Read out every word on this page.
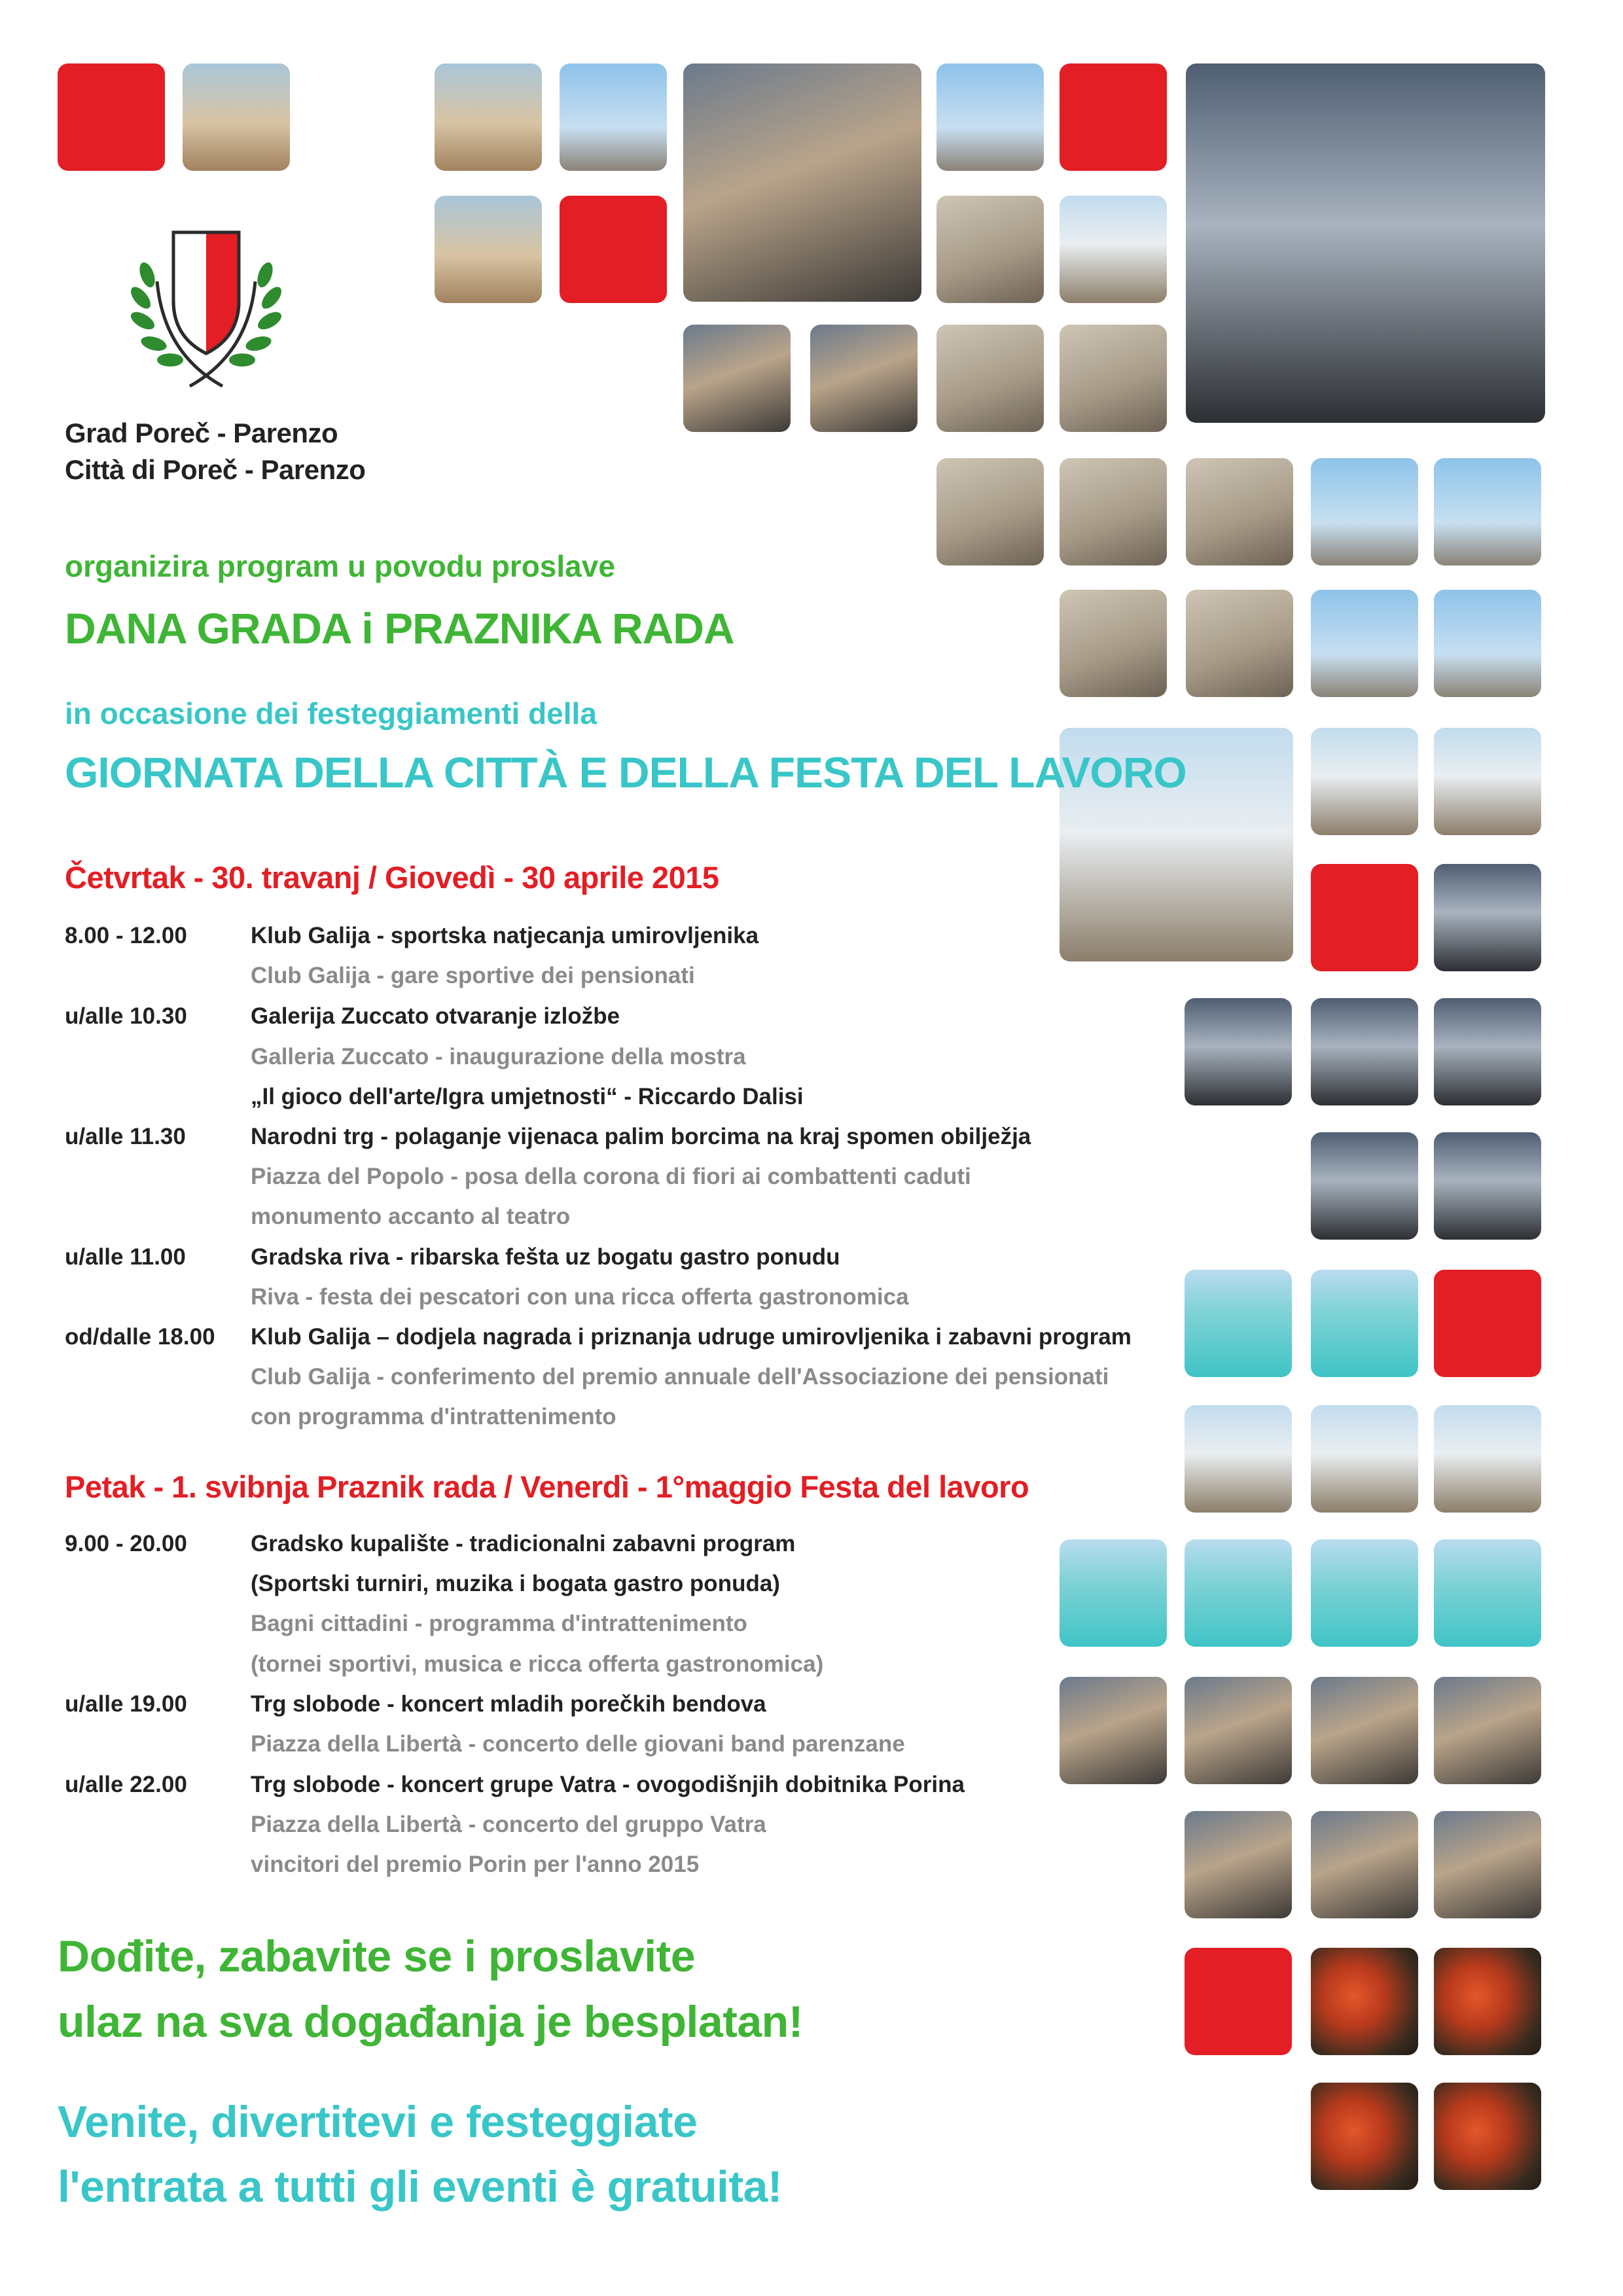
Grad Poreč - Parenzo
Città di Poreč - Parenzo
organizira program u povodu proslave
DANA GRADA i PRAZNIKA RADA
in occasione dei festeggiamenti della
GIORNATA DELLA CITTÀ E DELLA FESTA DEL LAVORO
Četvrtak - 30. travanj / Giovedì - 30 aprile 2015
8.00 - 12.00	Klub Galija - sportska natjecanja umirovljenika
Club Galija - gare sportive dei pensionati
u/alle 10.30	Galerija Zuccato otvaranje izložbe
Galleria Zuccato - inaugurazione della mostra
„Il gioco dell'arte/Igra umjetnosti“ - Riccardo Dalisi
u/alle 11.30	Narodni trg - polaganje vijenaca palim borcima na kraj spomen obilježja
Piazza del Popolo - posa della corona di fiori ai combattenti caduti
monumento accanto al teatro
u/alle 11.00	Gradska riva - ribarska fešta uz bogatu gastro ponudu
Riva - festa dei pescatori con una ricca offerta gastronomica
od/dalle 18.00 Klub Galija – dodjela nagrada i priznanja udruge umirovljenika i zabavni program
Club Galija - conferimento del premio annuale dell'Associazione dei pensionati
con programma d'intrattenimento
Petak - 1. svibnja Praznik rada / Venerdì - 1°maggio Festa del lavoro
9.00 - 20.00	Gradsko kupalište - tradicionalni zabavni program
(Sportski turniri, muzika i bogata gastro ponuda)
Bagni cittadini - programma d'intrattenimento
(tornei sportivi, musica e ricca offerta gastronomica)
u/alle 19.00	Trg slobode - koncert mladih porečkih bendova
Piazza della Libertà - concerto delle giovani band parenzane
u/alle 22.00	Trg slobode - koncert grupe Vatra - ovogodišnjih dobitnika Porina
Piazza della Libertà - concerto del gruppo Vatra
vincitori del premio Porin per l'anno 2015
Dođite, zabavite se i proslavite
ulaz na sva događanja je besplatan!
Venite, divertitevi e festeggiate
l'entrata a tutti gli eventi è gratuita!
